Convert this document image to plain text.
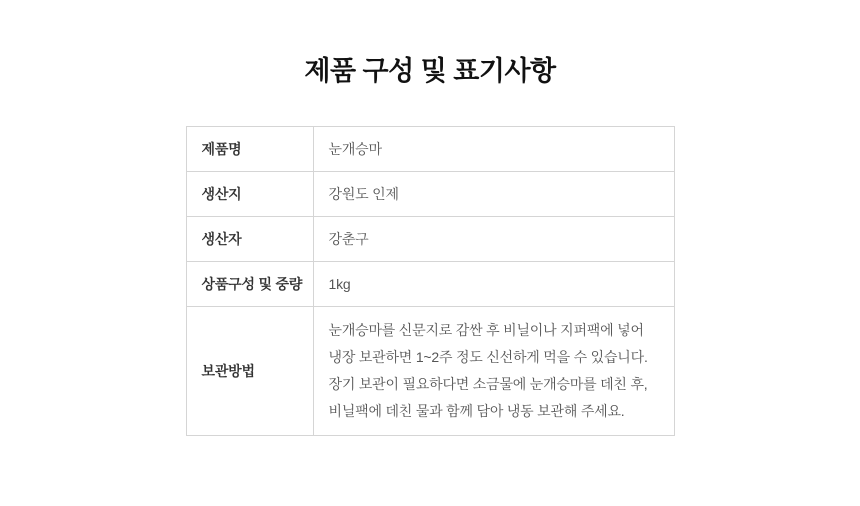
제품 구성 및 표기사항
제품명	눈개승마
생산지	강원도 인제
생산자	강춘구
상품구성 및 중량	1kg
보관방법	눈개승마를 신문지로 감싼 후 비닐이나 지퍼팩에 넣어 냉장 보관하면 1~2주 정도 신선하게 먹을 수 있습니다. 장기 보관이 필요하다면 소금물에 눈개승마를 데친 후, 비닐팩에 데친 물과 함께 담아 냉동 보관해 주세요.
